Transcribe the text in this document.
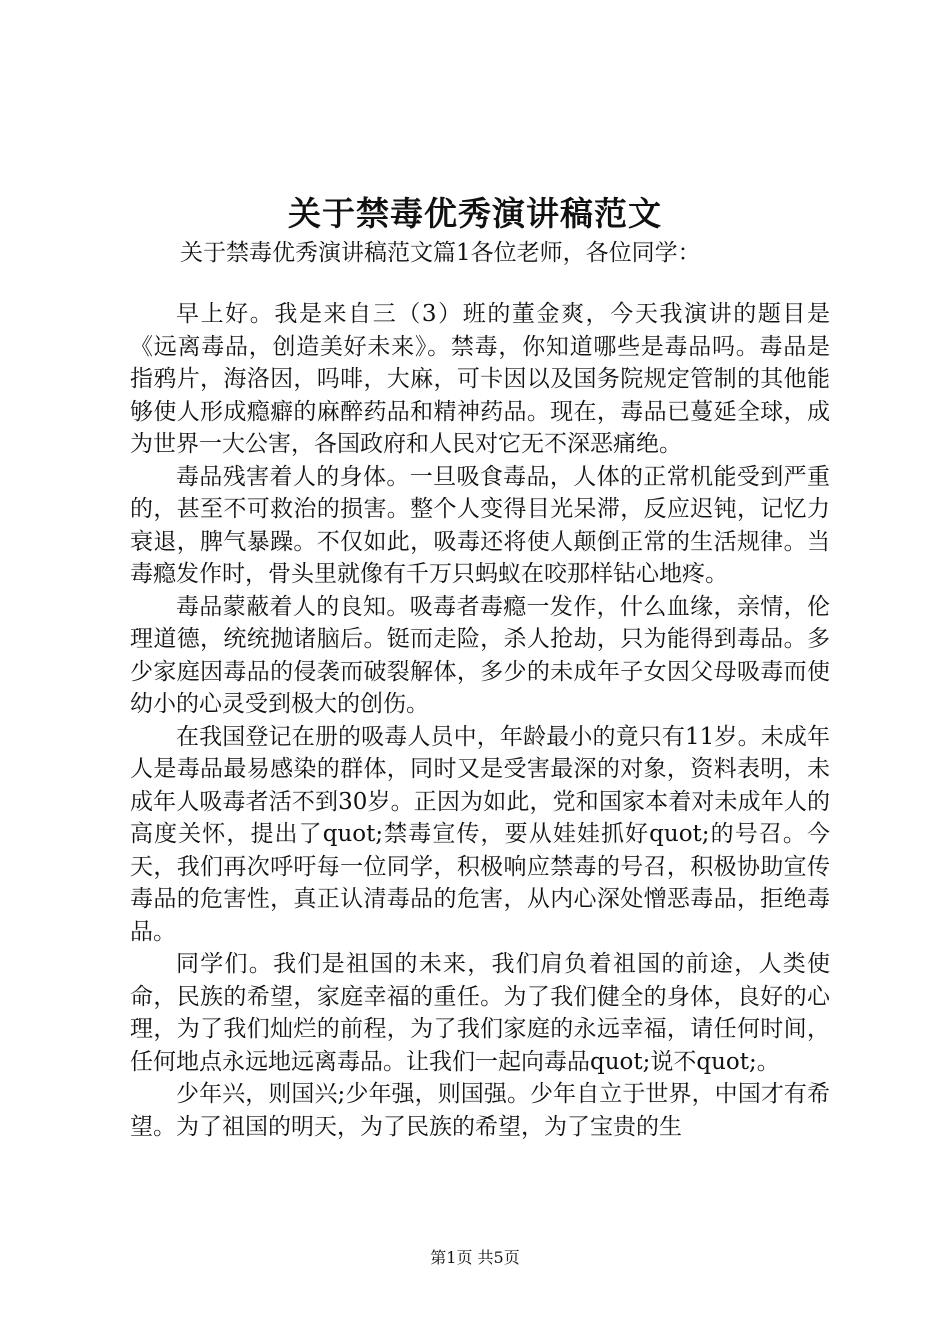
关于禁毒优秀演讲稿范文

关于禁毒优秀演讲稿范文篇1各位老师，各位同学：

早上好。我是来自三（3）班的董金爽，今天我演讲的题目是《远离毒品，创造美好未来》。禁毒，你知道哪些是毒品吗。毒品是指鸦片，海洛因，吗啡，大麻，可卡因以及国务院规定管制的其他能够使人形成瘾癖的麻醉药品和精神药品。现在，毒品已蔓延全球，成为世界一大公害，各国政府和人民对它无不深恶痛绝。

毒品残害着人的身体。一旦吸食毒品，人体的正常机能受到严重的，甚至不可救治的损害。整个人变得目光呆滞，反应迟钝，记忆力衰退，脾气暴躁。不仅如此，吸毒还将使人颠倒正常的生活规律。当毒瘾发作时，骨头里就像有千万只蚂蚁在咬那样钻心地疼。

毒品蒙蔽着人的良知。吸毒者毒瘾一发作，什么血缘，亲情，伦理道德，统统抛诸脑后。铤而走险，杀人抢劫，只为能得到毒品。多少家庭因毒品的侵袭而破裂解体，多少的未成年子女因父母吸毒而使幼小的心灵受到极大的创伤。

在我国登记在册的吸毒人员中，年龄最小的竟只有11岁。未成年人是毒品最易感染的群体，同时又是受害最深的对象，资料表明，未成年人吸毒者活不到30岁。正因为如此，党和国家本着对未成年人的高度关怀，提出了quot;禁毒宣传，要从娃娃抓好quot;的号召。今天，我们再次呼吁每一位同学，积极响应禁毒的号召，积极协助宣传毒品的危害性，真正认清毒品的危害，从内心深处憎恶毒品，拒绝毒品。

同学们。我们是祖国的未来，我们肩负着祖国的前途，人类使命，民族的希望，家庭幸福的重任。为了我们健全的身体，良好的心理，为了我们灿烂的前程，为了我们家庭的永远幸福，请任何时间，任何地点永远地远离毒品。让我们一起向毒品quot;说不quot;。

少年兴，则国兴;少年强，则国强。少年自立于世界，中国才有希望。为了祖国的明天，为了民族的希望，为了宝贵的生

第1页 共5页
